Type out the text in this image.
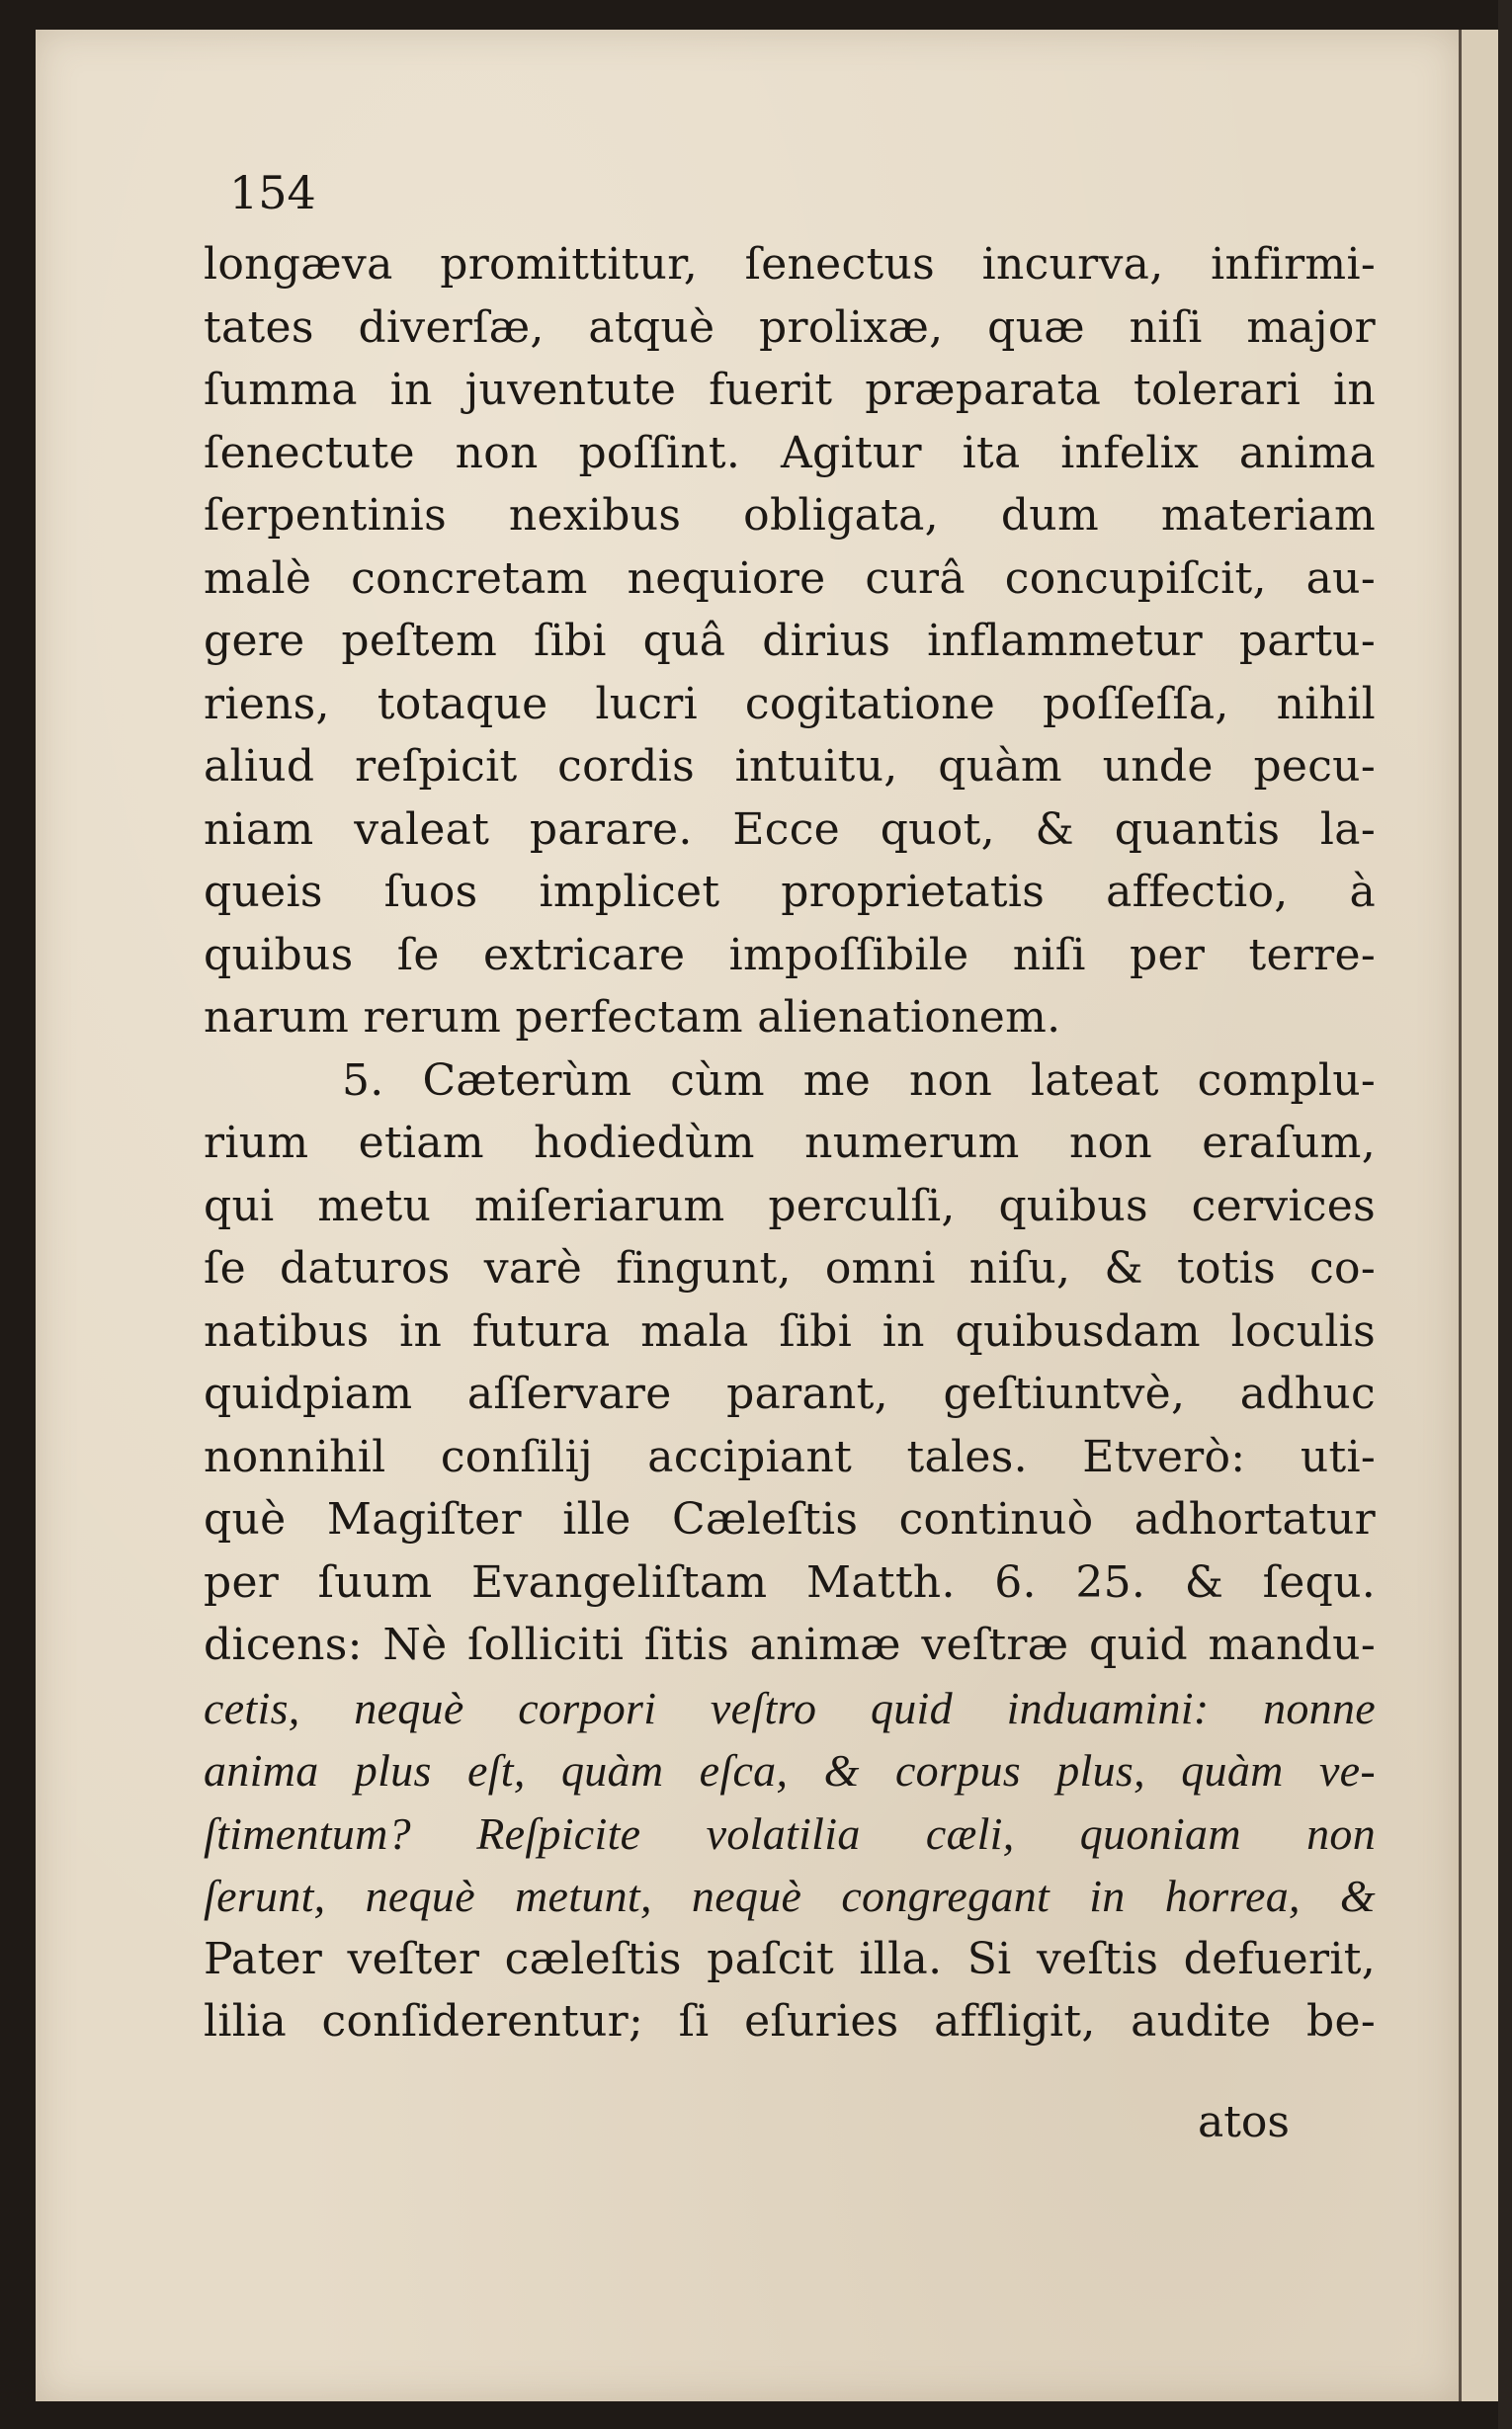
154
longæva promittitur, ſenectus incurva, infirmi-
tates diverſæ, atquè prolixæ, quæ niſi major
ſumma in juventute fuerit præparata tolerari in
ſenectute non poſſint. Agitur ita infelix anima
ſerpentinis nexibus obligata, dum materiam
malè concretam nequiore curâ concupiſcit, au-
gere peſtem ſibi quâ dirius inflammetur partu-
riens, totaque lucri cogitatione poſſeſſa, nihil
aliud reſpicit cordis intuitu, quàm unde pecu-
niam valeat parare. Ecce quot, & quantis la-
queis ſuos implicet proprietatis affectio, à
quibus ſe extricare impoſſibile niſi per terre-
narum rerum perfectam alienationem.
5. Cæterùm cùm me non lateat complu-
rium etiam hodiedùm numerum non eraſum,
qui metu miſeriarum perculſi, quibus cervices
ſe daturos varè fingunt, omni niſu, & totis co-
natibus in futura mala ſibi in quibusdam loculis
quidpiam aſſervare parant, geſtiuntvè, adhuc
nonnihil conſilij accipiant tales. Etverò: uti-
què Magiſter ille Cæleſtis continuò adhortatur
per ſuum Evangeliſtam Matth. 6. 25. & ſequ.
dicens: Nè ſolliciti ſitis animæ veſtræ quid mandu-
cetis, nequè corpori veſtro quid induamini: nonne
anima plus eſt, quàm eſca, & corpus plus, quàm ve-
ſtimentum? Reſpicite volatilia cæli, quoniam non
ſerunt, nequè metunt, nequè congregant in horrea, &
Pater veſter cæleſtis paſcit illa. Si veſtis defuerit,
lilia conſiderentur; ſi eſuries affligit, audite be-
atos
